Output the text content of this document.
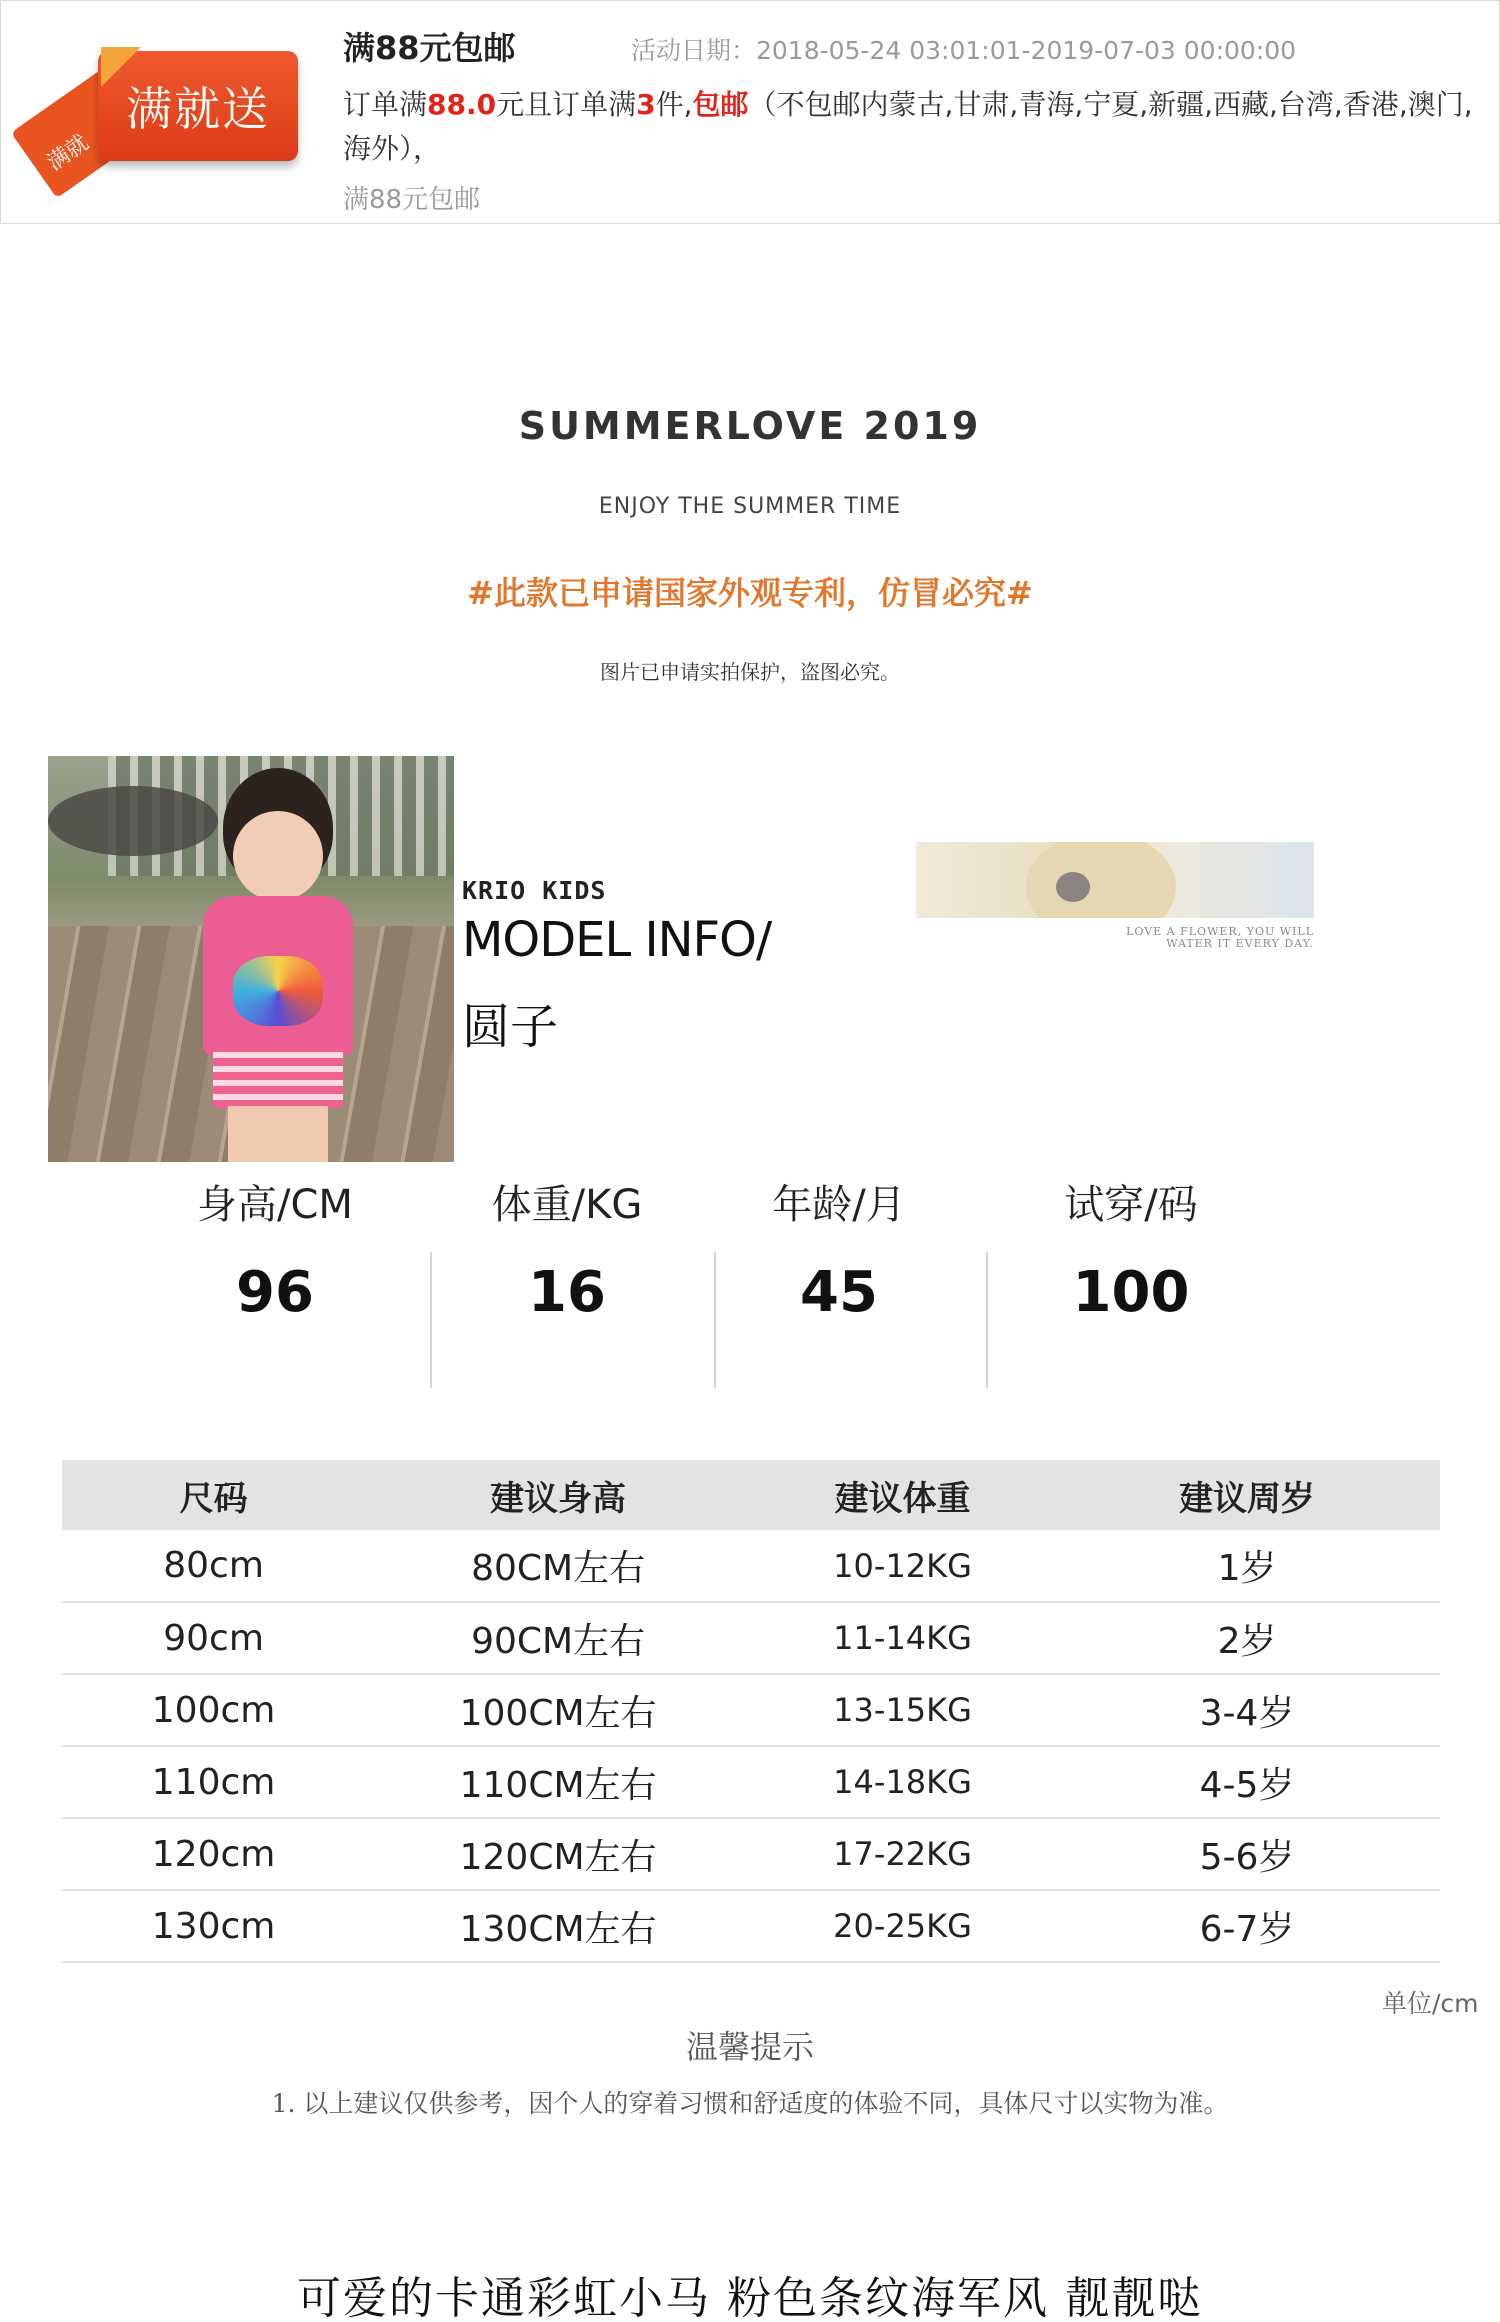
满就
满就送
满88元包邮	活动日期：2018-05-24 03:01:01-2019-07-03 00:00:00
订单满88.0元且订单满3件,包邮（不包邮内蒙古,甘肃,青海,宁夏,新疆,西藏,台湾,香港,澳门,海外），
满88元包邮
SUMMERLOVE 2019
ENJOY THE SUMMER TIME
#此款已申请国家外观专利，仿冒必究#
图片已申请实拍保护，盗图必究。
KRIO KIDS
MODEL INFO/
圆子
LOVE A FLOWER, YOU WILL
WATER IT EVERY DAY.
身高/CM
96
体重/KG
16
年龄/月
45
试穿/码
100
尺码	建议身高	建议体重	建议周岁
80cm	80CM左右	10-12KG	1岁
90cm	90CM左右	11-14KG	2岁
100cm	100CM左右	13-15KG	3-4岁
110cm	110CM左右	14-18KG	4-5岁
120cm	120CM左右	17-22KG	5-6岁
130cm	130CM左右	20-25KG	6-7岁
单位/cm
温馨提示
1. 以上建议仅供参考，因个人的穿着习惯和舒适度的体验不同，具体尺寸以实物为准。
可爱的卡通彩虹小马 粉色条纹海军风 靓靓哒
